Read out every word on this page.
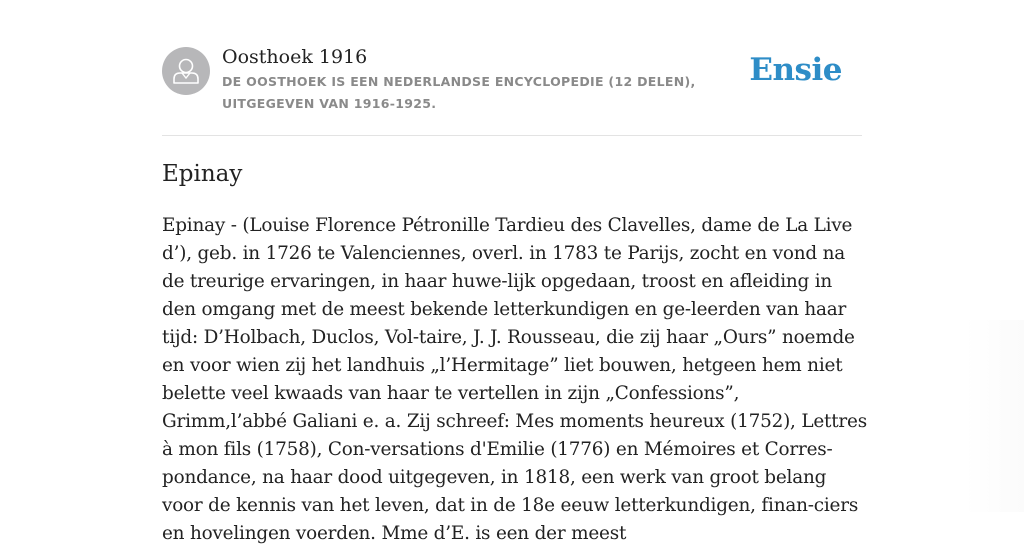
Oosthoek 1916
DE OOSTHOEK IS EEN NEDERLANDSE ENCYCLOPEDIE (12 DELEN), UITGEGEVEN VAN 1916-1925.
Ensie
Epinay

Epinay - (Louise Florence Pétronille Tardieu des Clavelles, dame de La Live d’), geb. in 1726 te Valenciennes, overl. in 1783 te Parijs, zocht en vond na de treurige ervaringen, in haar huwe-lijk opgedaan, troost en afleiding in den omgang met de meest bekende letterkundigen en ge-leerden van haar tijd: D’Holbach, Duclos, Vol-taire, J. J. Rousseau, die zij haar „Ours” noemde en voor wien zij het landhuis „l’Hermitage” liet bouwen, hetgeen hem niet belette veel kwaads van haar te vertellen in zijn „Confessions”, Grimm,l’abbé Galiani e. a. Zij schreef: Mes moments heureux (1752), Lettres à mon fils (1758), Con-versations d'Emilie (1776) en Mémoires et Corres-pondance, na haar dood uitgegeven, in 1818, een werk van groot belang voor de kennis van het leven, dat in de 18e eeuw letterkundigen, finan-ciers en hovelingen voerden. Mme d’E. is een der meest
